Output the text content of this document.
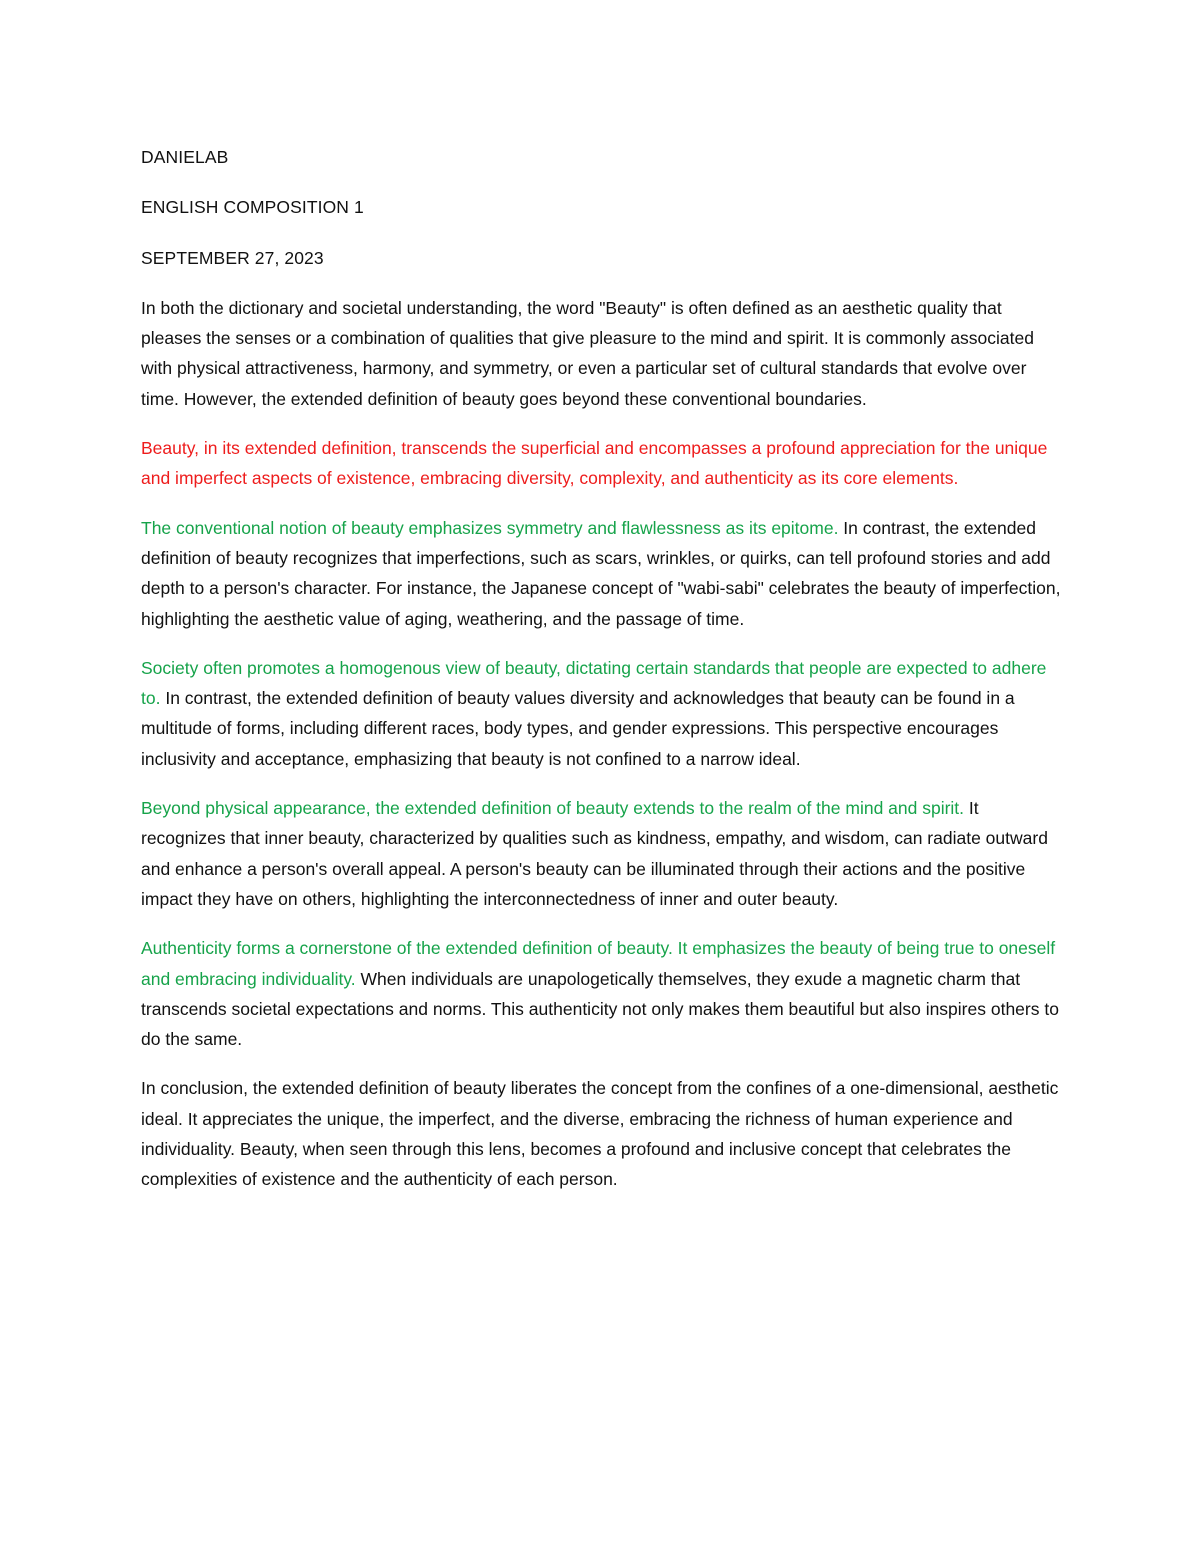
DANIELAB

ENGLISH COMPOSITION 1

SEPTEMBER 27, 2023

In both the dictionary and societal understanding, the word "Beauty" is often defined as an aesthetic quality that pleases the senses or a combination of qualities that give pleasure to the mind and spirit. It is commonly associated with physical attractiveness, harmony, and symmetry, or even a particular set of cultural standards that evolve over time. However, the extended definition of beauty goes beyond these conventional boundaries.

Beauty, in its extended definition, transcends the superficial and encompasses a profound appreciation for the unique and imperfect aspects of existence, embracing diversity, complexity, and authenticity as its core elements.

The conventional notion of beauty emphasizes symmetry and flawlessness as its epitome. In contrast, the extended definition of beauty recognizes that imperfections, such as scars, wrinkles, or quirks, can tell profound stories and add depth to a person's character. For instance, the Japanese concept of "wabi-sabi" celebrates the beauty of imperfection, highlighting the aesthetic value of aging, weathering, and the passage of time.

Society often promotes a homogenous view of beauty, dictating certain standards that people are expected to adhere to. In contrast, the extended definition of beauty values diversity and acknowledges that beauty can be found in a multitude of forms, including different races, body types, and gender expressions. This perspective encourages inclusivity and acceptance, emphasizing that beauty is not confined to a narrow ideal.

Beyond physical appearance, the extended definition of beauty extends to the realm of the mind and spirit. It recognizes that inner beauty, characterized by qualities such as kindness, empathy, and wisdom, can radiate outward and enhance a person's overall appeal. A person's beauty can be illuminated through their actions and the positive impact they have on others, highlighting the interconnectedness of inner and outer beauty.

Authenticity forms a cornerstone of the extended definition of beauty. It emphasizes the beauty of being true to oneself and embracing individuality. When individuals are unapologetically themselves, they exude a magnetic charm that transcends societal expectations and norms. This authenticity not only makes them beautiful but also inspires others to do the same.

In conclusion, the extended definition of beauty liberates the concept from the confines of a one-dimensional, aesthetic ideal. It appreciates the unique, the imperfect, and the diverse, embracing the richness of human experience and individuality. Beauty, when seen through this lens, becomes a profound and inclusive concept that celebrates the complexities of existence and the authenticity of each person.
